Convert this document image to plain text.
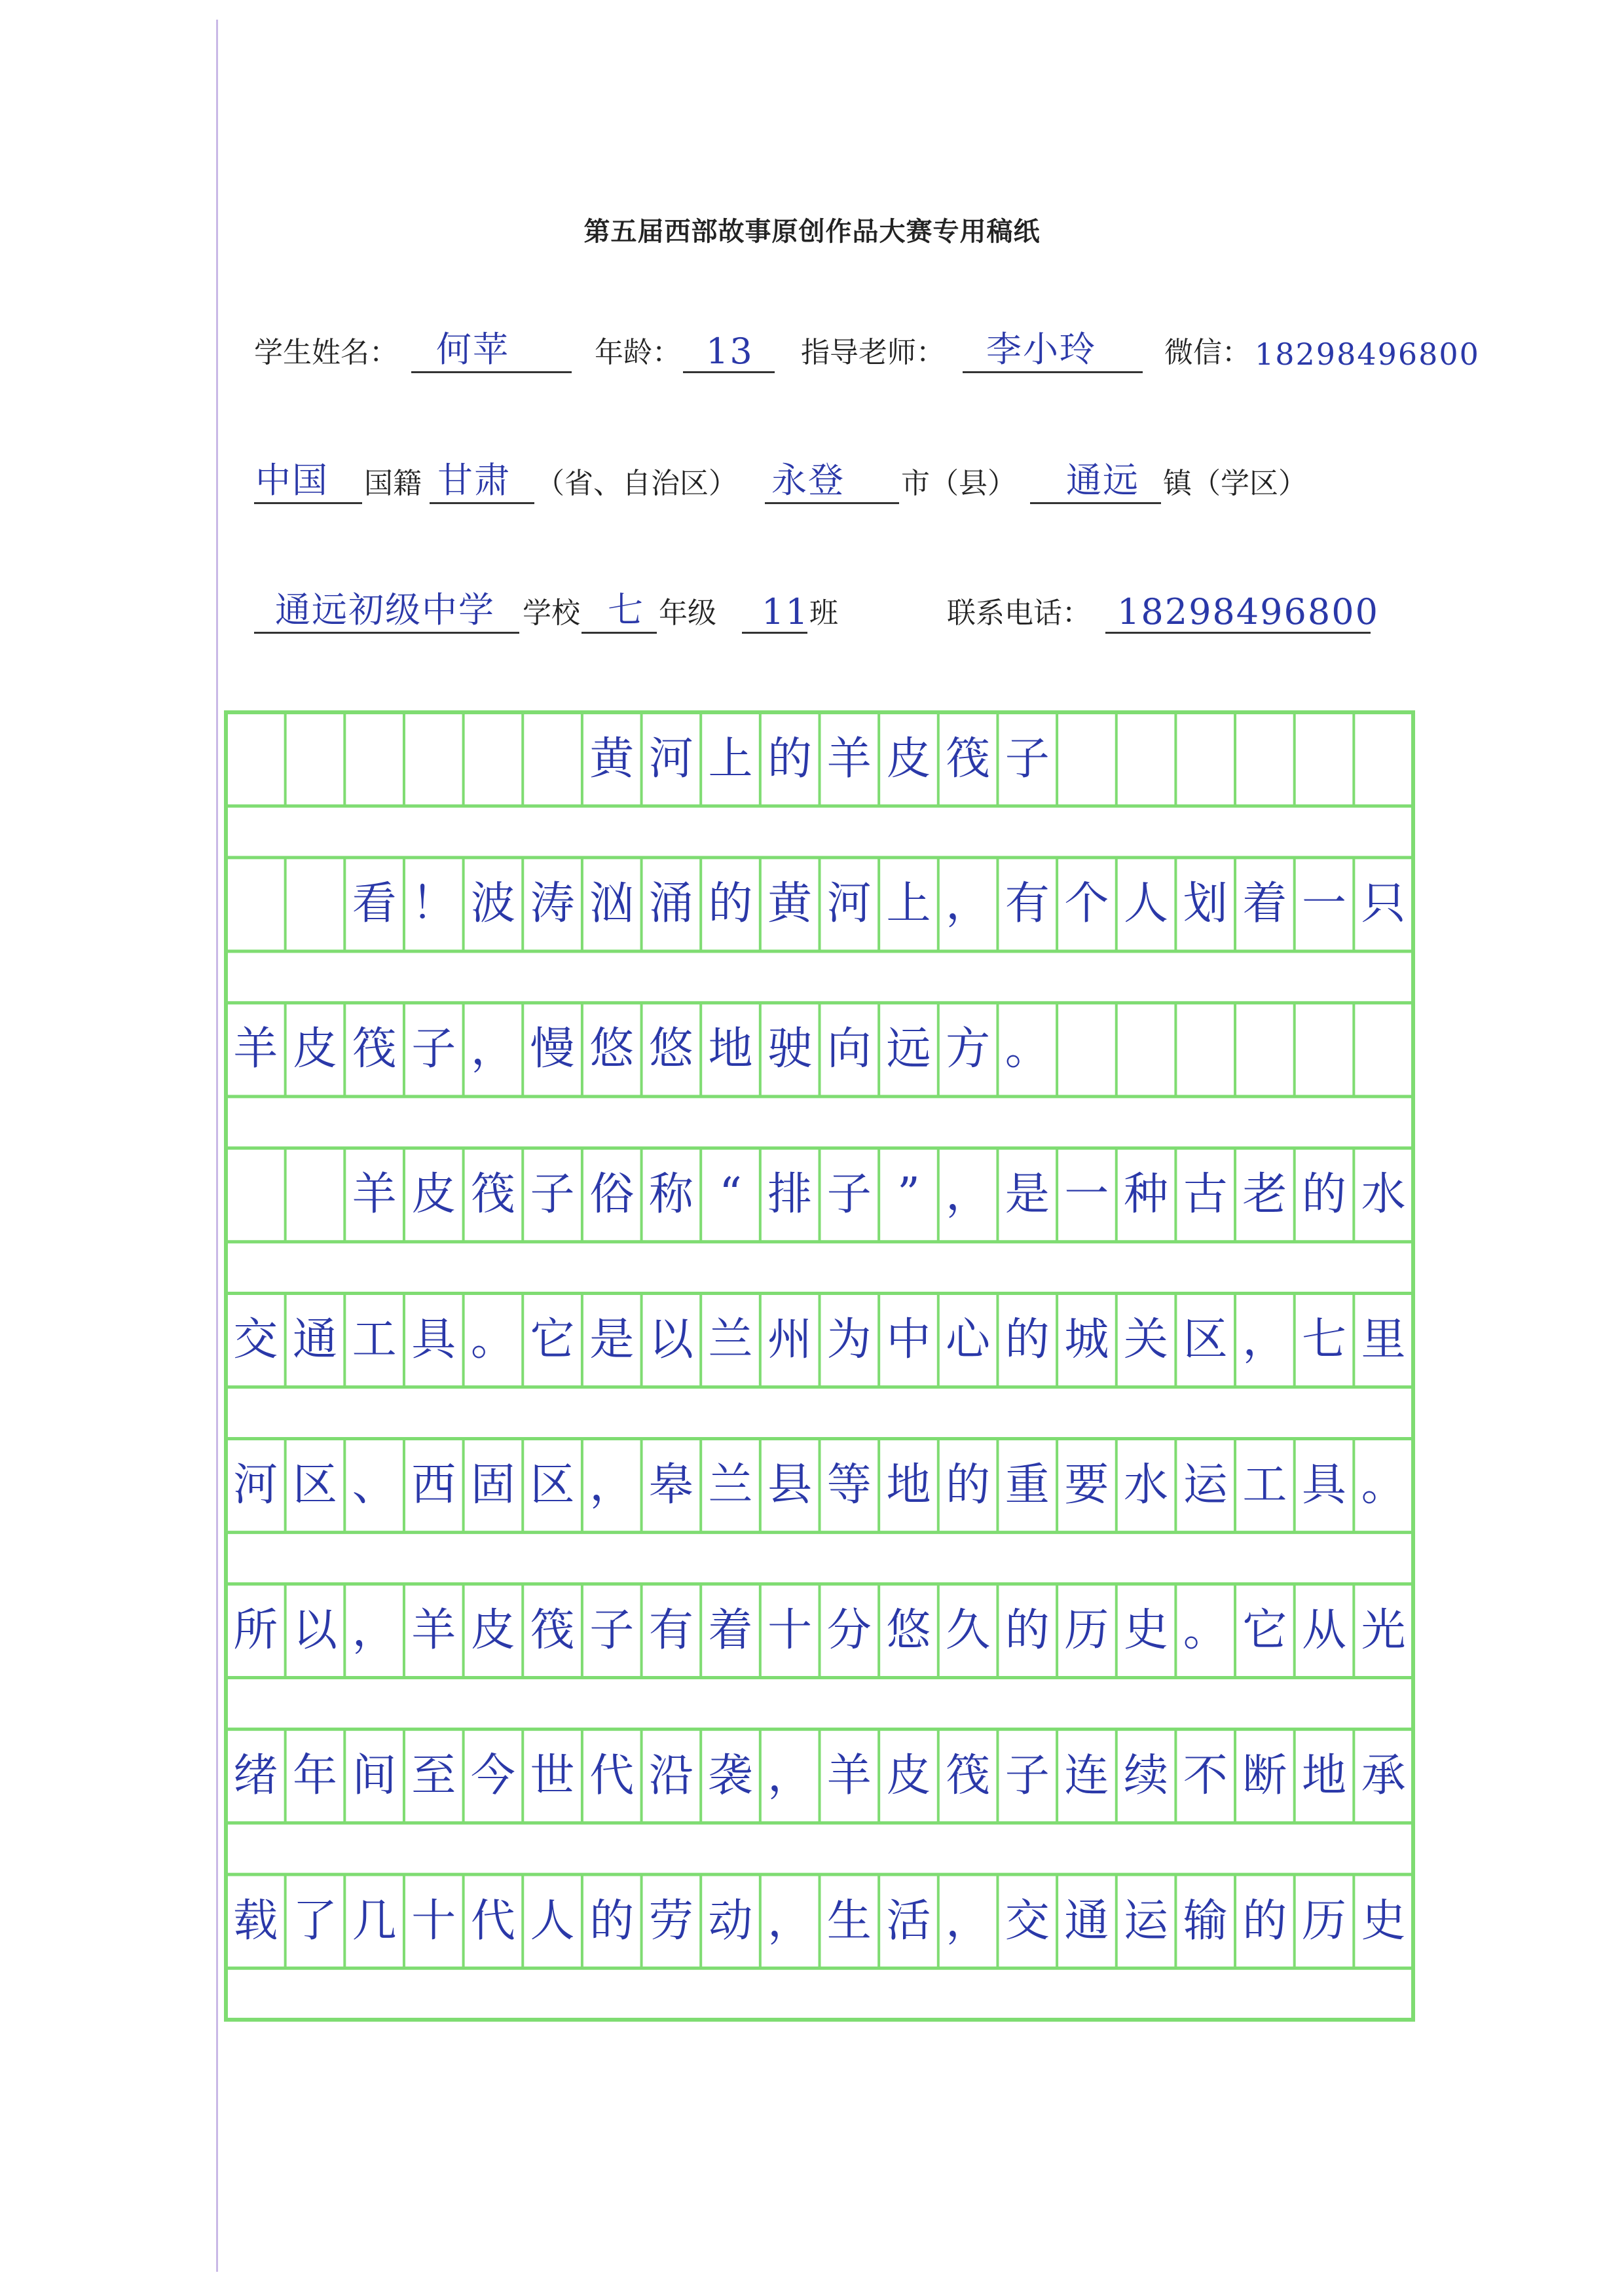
第五届西部故事原创作品大赛专用稿纸
学生姓名： 何苹	年龄： 13 指导老师： 李小玲 微信： 18298496800
中国 国籍 甘肃 （省、自治区） 永登 市（县） 通远 镇（学区）
通远初级中学 学校 七 年级 11 班	联系电话： 18298496800
黄 河 上 的 羊 皮 筏 子
看 ！ 波 涛 汹 涌 的 黄 河 上 ， 有 个 人 划 着 一 只
羊 皮 筏 子 ， 慢 悠 悠 地 驶 向 远 方 。
羊 皮 筏 子 俗 称 “ 排 子 ” ， 是 一 种 古 老 的 水
交 通 工 具 。 它 是 以 兰 州 为 中 心 的 城 关 区 ， 七 里
河 区 、 西 固 区 ， 皋 兰 县 等 地 的 重 要 水 运 工 具 。
所 以 ， 羊 皮 筏 子 有 着 十 分 悠 久 的 历 史 。 它 从 光
绪 年 间 至 今 世 代 沿 袭 ， 羊 皮 筏 子 连 续 不 断 地 承
载 了 几 十 代 人 的 劳 动 ， 生 活 ， 交 通 运 输 的 历 史
